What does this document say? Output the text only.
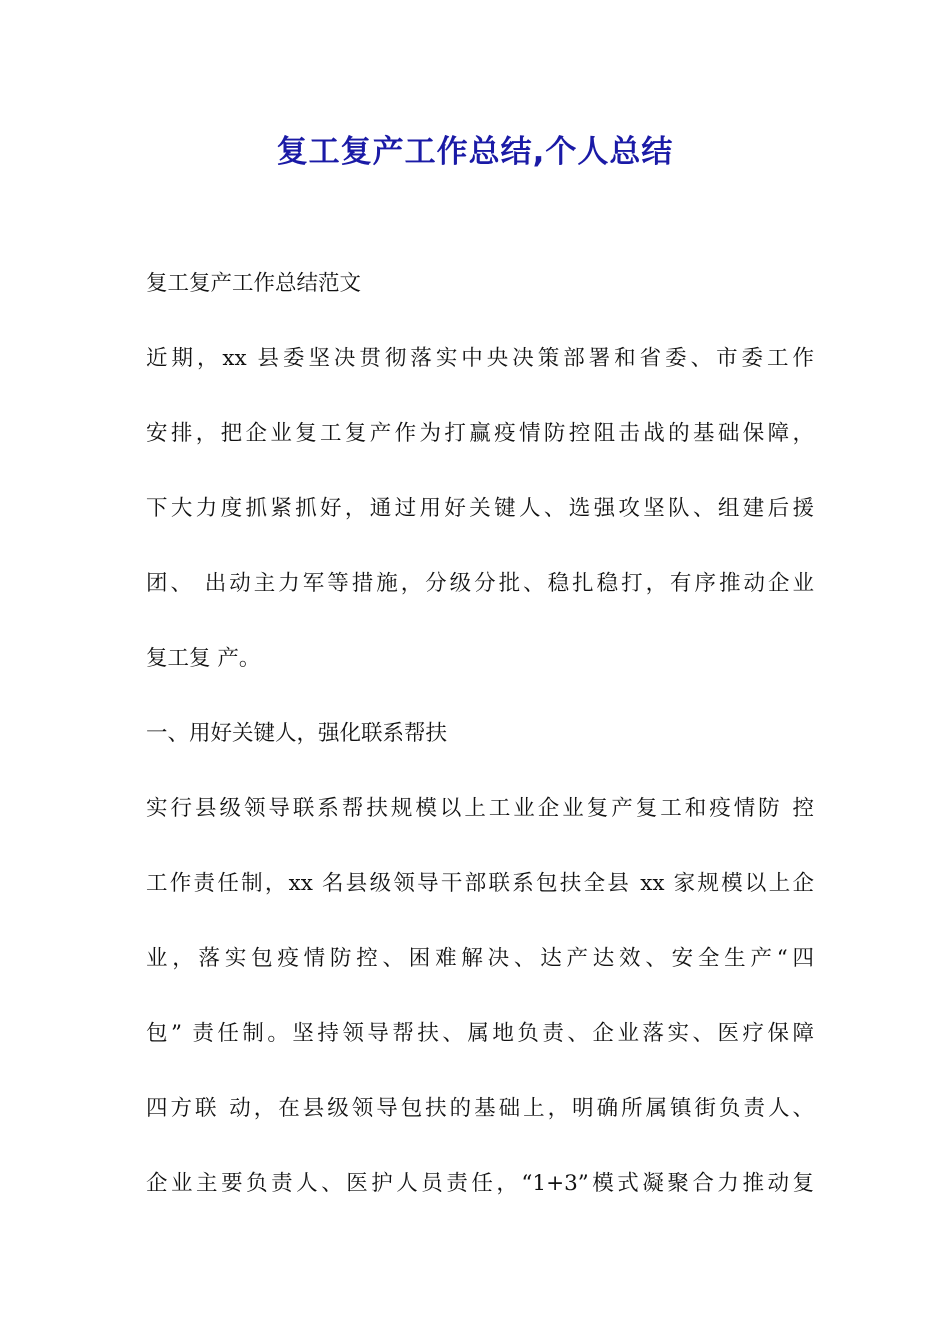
复工复产工作总结,个人总结
复工复产工作总结范文
近期，xx 县委坚决贯彻落实中央决策部署和省委、市委工作
安排，把企业复工复产作为打赢疫情防控阻击战的基础保障，
下大力度抓紧抓好，通过用好关键人、选强攻坚队、组建后援
团、 出动主力军等措施，分级分批、稳扎稳打，有序推动企业
复工复 产。
一、用好关键人，强化联系帮扶
实行县级领导联系帮扶规模以上工业企业复产复工和疫情防 控
工作责任制，xx 名县级领导干部联系包扶全县 xx 家规模以上企
业，落实包疫情防控、困难解决、达产达效、安全生产“四
包” 责任制。坚持领导帮扶、属地负责、企业落实、医疗保障
四方联 动，在县级领导包扶的基础上，明确所属镇街负责人、
企业主要负责人、医护人员责任，“1+3”模式凝聚合力推动复
